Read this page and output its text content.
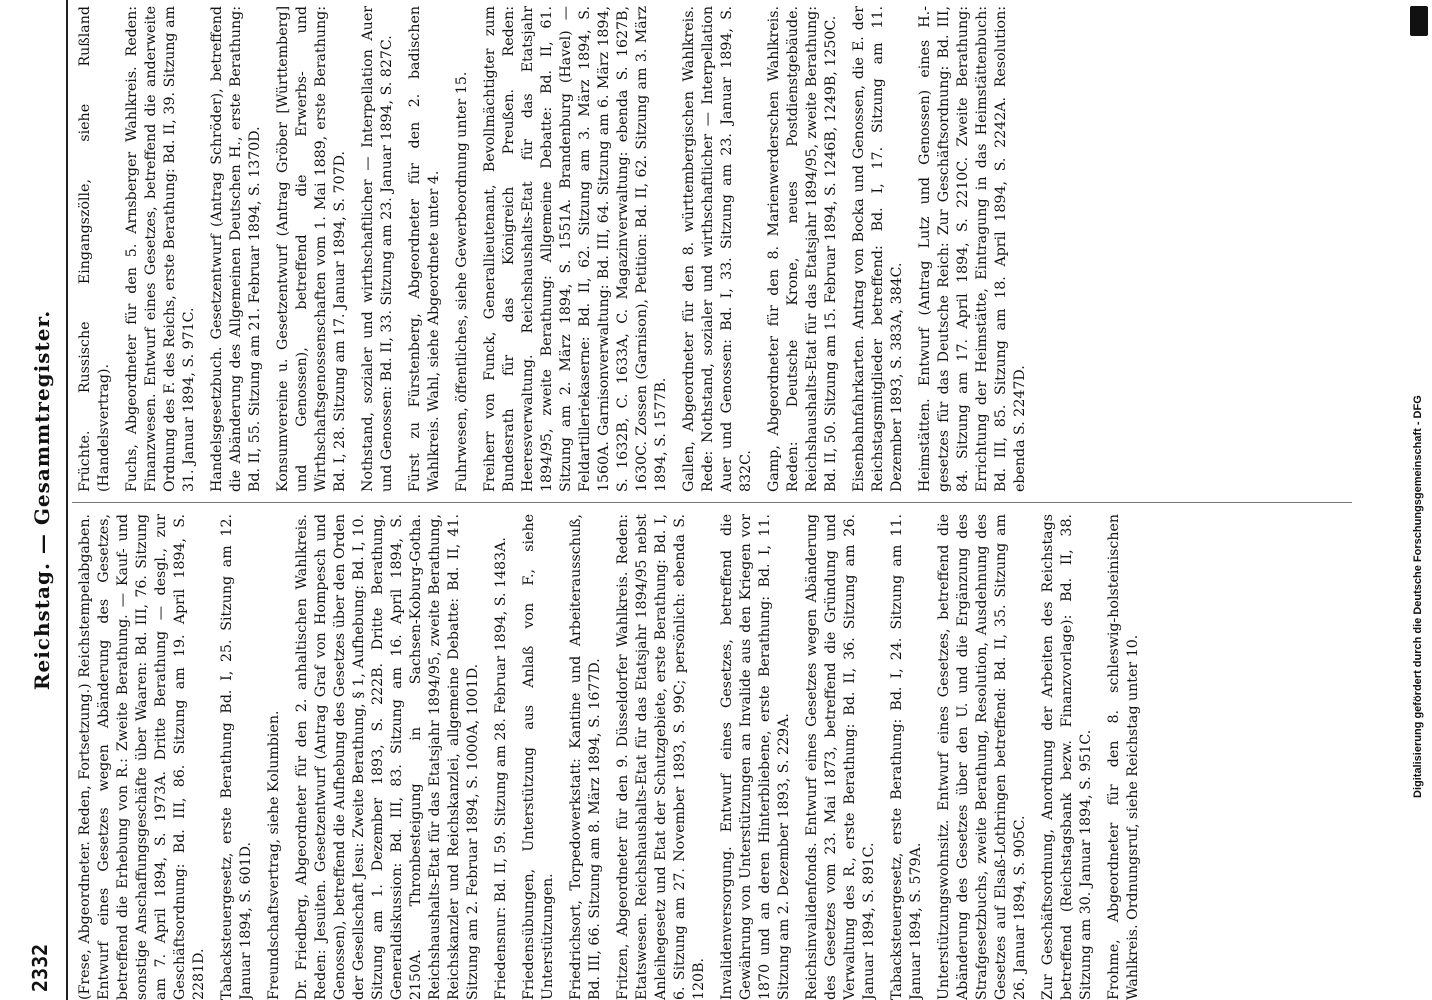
2332
Reichstag. — Gesammtregister.

(Frese, Abgeordneter. Reden, Fortsetzung.) Reichstempelabgaben. Entwurf eines Gesetzes wegen Abänderung des Gesetzes, betreffend die Erhebung von R.: Zweite Berathung. — Kauf- und sonstige Anschaffungsgeschäfte über Waaren: Bd. III, 76. Sitzung am 7. April 1894, S. 1973A. Dritte Berathung — desgl., zur Geschäftsordnung: Bd. III, 86. Sitzung am 19. April 1894, S. 2281D. Tabacksteuergesetz, erste Berathung Bd. I, 25. Sitzung am 12. Januar 1894, S. 601D. Freundschaftsvertrag, siehe Kolumbien. Dr. Friedberg, Abgeordneter für den 2. anhaltischen Wahlkreis. Reden: Jesuiten. Gesetzentwurf (Antrag Graf von Hompesch und Genossen), betreffend die Aufhebung des Gesetzes über den Orden der Gesellschaft Jesu: Zweite Berathung, § 1, Aufhebung: Bd. I, 10. Sitzung am 1. Dezember 1893, S. 222B. Dritte Berathung, Generaldiskussion: Bd. III, 83. Sitzung am 16. April 1894, S. 2150A. Thronbesteigung in Sachsen-Koburg-Gotha. Reichshaushalts-Etat für das Etatsjahr 1894/95, zweite Berathung, Reichskanzler und Reichskanzlei, allgemeine Debatte: Bd. II, 41. Sitzung am 2. Februar 1894, S. 1000A, 1001D. Friedensnur: Bd. II, 59. Sitzung am 28. Februar 1894, S. 1483A. Friedensübungen, Unterstützung aus Anlaß von F., siehe Unterstützungen. Friedrichsort, Torpedowerkstatt: Kantine und Arbeiterausschuß, Bd. III, 66. Sitzung am 8. März 1894, S. 1677D. Fritzen, Abgeordneter für den 9. Düsseldorfer Wahlkreis. Reden: Etatswesen. Reichshaushalts-Etat für das Etatsjahr 1894/95 nebst Anleihegesetz und Etat der Schutzgebiete, erste Berathung: Bd. I, 6. Sitzung am 27. November 1893, S. 99C; persönlich: ebenda S. 120B. Invalidenversorgung. Entwurf eines Gesetzes, betreffend die Gewährung von Unterstützungen an Invalide aus den Kriegen vor 1870 und an deren Hinterbliebene, erste Berathung: Bd. I, 11. Sitzung am 2. Dezember 1893, S. 229A. Reichsinvalidenfonds. Entwurf eines Gesetzes wegen Abänderung des Gesetzes vom 23. Mai 1873, betreffend die Gründung und Verwaltung des R., erste Berathung: Bd. II, 36. Sitzung am 26. Januar 1894, S. 891C. Tabacksteuergesetz, erste Berathung: Bd. I, 24. Sitzung am 11. Januar 1894, S. 579A. Unterstützungswohnsitz. Entwurf eines Gesetzes, betreffend die Abänderung des Gesetzes über den U. und die Ergänzung des Strafgesetzbuchs, zweite Berathung, Resolution, Ausdehnung des Gesetzes auf Elsaß-Lothringen betreffend: Bd. II, 35. Sitzung am 26. Januar 1894, S. 905C. Zur Geschäftsordnung, Anordnung der Arbeiten des Reichstags betreffend (Reichstagsbank bezw. Finanzvorlage): Bd. II, 38. Sitzung am 30. Januar 1894, S. 951C. Frohme, Abgeordneter für den 8. schleswig-holsteinischen Wahlkreis. Ordnungsruf, siehe Reichstag unter 10.

Früchte. Russische Eingangszölle, siehe Rußland (Handelsvertrag). Fuchs, Abgeordneter für den 5. Arnsberger Wahlkreis. Reden: Finanzwesen. Entwurf eines Gesetzes, betreffend die anderweite Ordnung des F. des Reichs, erste Berathung: Bd. II, 39. Sitzung am 31. Januar 1894, S. 971C. Handelsgesetzbuch. Gesetzentwurf (Antrag Schröder), betreffend die Abänderung des Allgemeinen Deutschen H., erste Berathung: Bd. II, 55. Sitzung am 21. Februar 1894, S. 1370D. Konsumvereine u. Gesetzentwurf (Antrag Gröber [Württemberg] und Genossen), betreffend die Erwerbs- und Wirthschaftsgenossenschaften vom 1. Mai 1889, erste Berathung: Bd. I, 28. Sitzung am 17. Januar 1894, S. 707D. Nothstand, sozialer und wirthschaftlicher — Interpellation Auer und Genossen: Bd. II, 33. Sitzung am 23. Januar 1894, S. 827C. Fürst zu Fürstenberg, Abgeordneter für den 2. badischen Wahlkreis. Wahl, siehe Abgeordnete unter 4. Fuhrwesen, öffentliches, siehe Gewerbeordnung unter 15. Freiherr von Funck, Generallieutenant, Bevollmächtigter zum Bundesrath für das Königreich Preußen. Reden: Heeresverwaltung. Reichshaushalts-Etat für das Etatsjahr 1894/95, zweite Berathung: Allgemeine Debatte: Bd. II, 61. Sitzung am 2. März 1894, S. 1551A. Brandenburg (Havel) — Feldartilleriekaserne: Bd. II, 62. Sitzung am 3. März 1894, S. 1560A. Garnisonverwaltung: Bd. III, 64. Sitzung am 6. März 1894, S. 1632B, C. 1633A, C. Magazinverwaltung: ebenda S. 1627B, 1630C. Zossen (Garnison), Petition: Bd. II, 62. Sitzung am 3. März 1894, S. 1577B. Gallen, Abgeordneter für den 8. württembergischen Wahlkreis. Rede: Nothstand, sozialer und wirthschaftlicher — Interpellation Auer und Genossen: Bd. I, 33. Sitzung am 23. Januar 1894, S. 832C. Gamp, Abgeordneter für den 8. Marienwerderschen Wahlkreis. Reden: Deutsche Krone, neues Postdienstgebäude. Reichshaushalts-Etat für das Etatsjahr 1894/95, zweite Berathung: Bd. II, 50. Sitzung am 15. Februar 1894, S. 1246B, 1249B, 1250C. Eisenbahnfahrkarten. Antrag von Bocka und Genossen, die E. der Reichstagsmitglieder betreffend: Bd. I, 17. Sitzung am 11. Dezember 1893, S. 383A, 384C. Heimstätten. Entwurf (Antrag Lutz und Genossen) eines H.-gesetzes für das Deutsche Reich: Zur Geschäftsordnung: Bd. III, 84. Sitzung am 17. April 1894, S. 2210C. Zweite Berathung: Errichtung der Heimstätte, Eintragung in das Heimstättenbuch: Bd. III, 85. Sitzung am 18. April 1894, S. 2242A. Resolution: ebenda S. 2247D.	Digitalisierung gefördert durch die Deutsche Forschungsgemeinschaft - DFG
